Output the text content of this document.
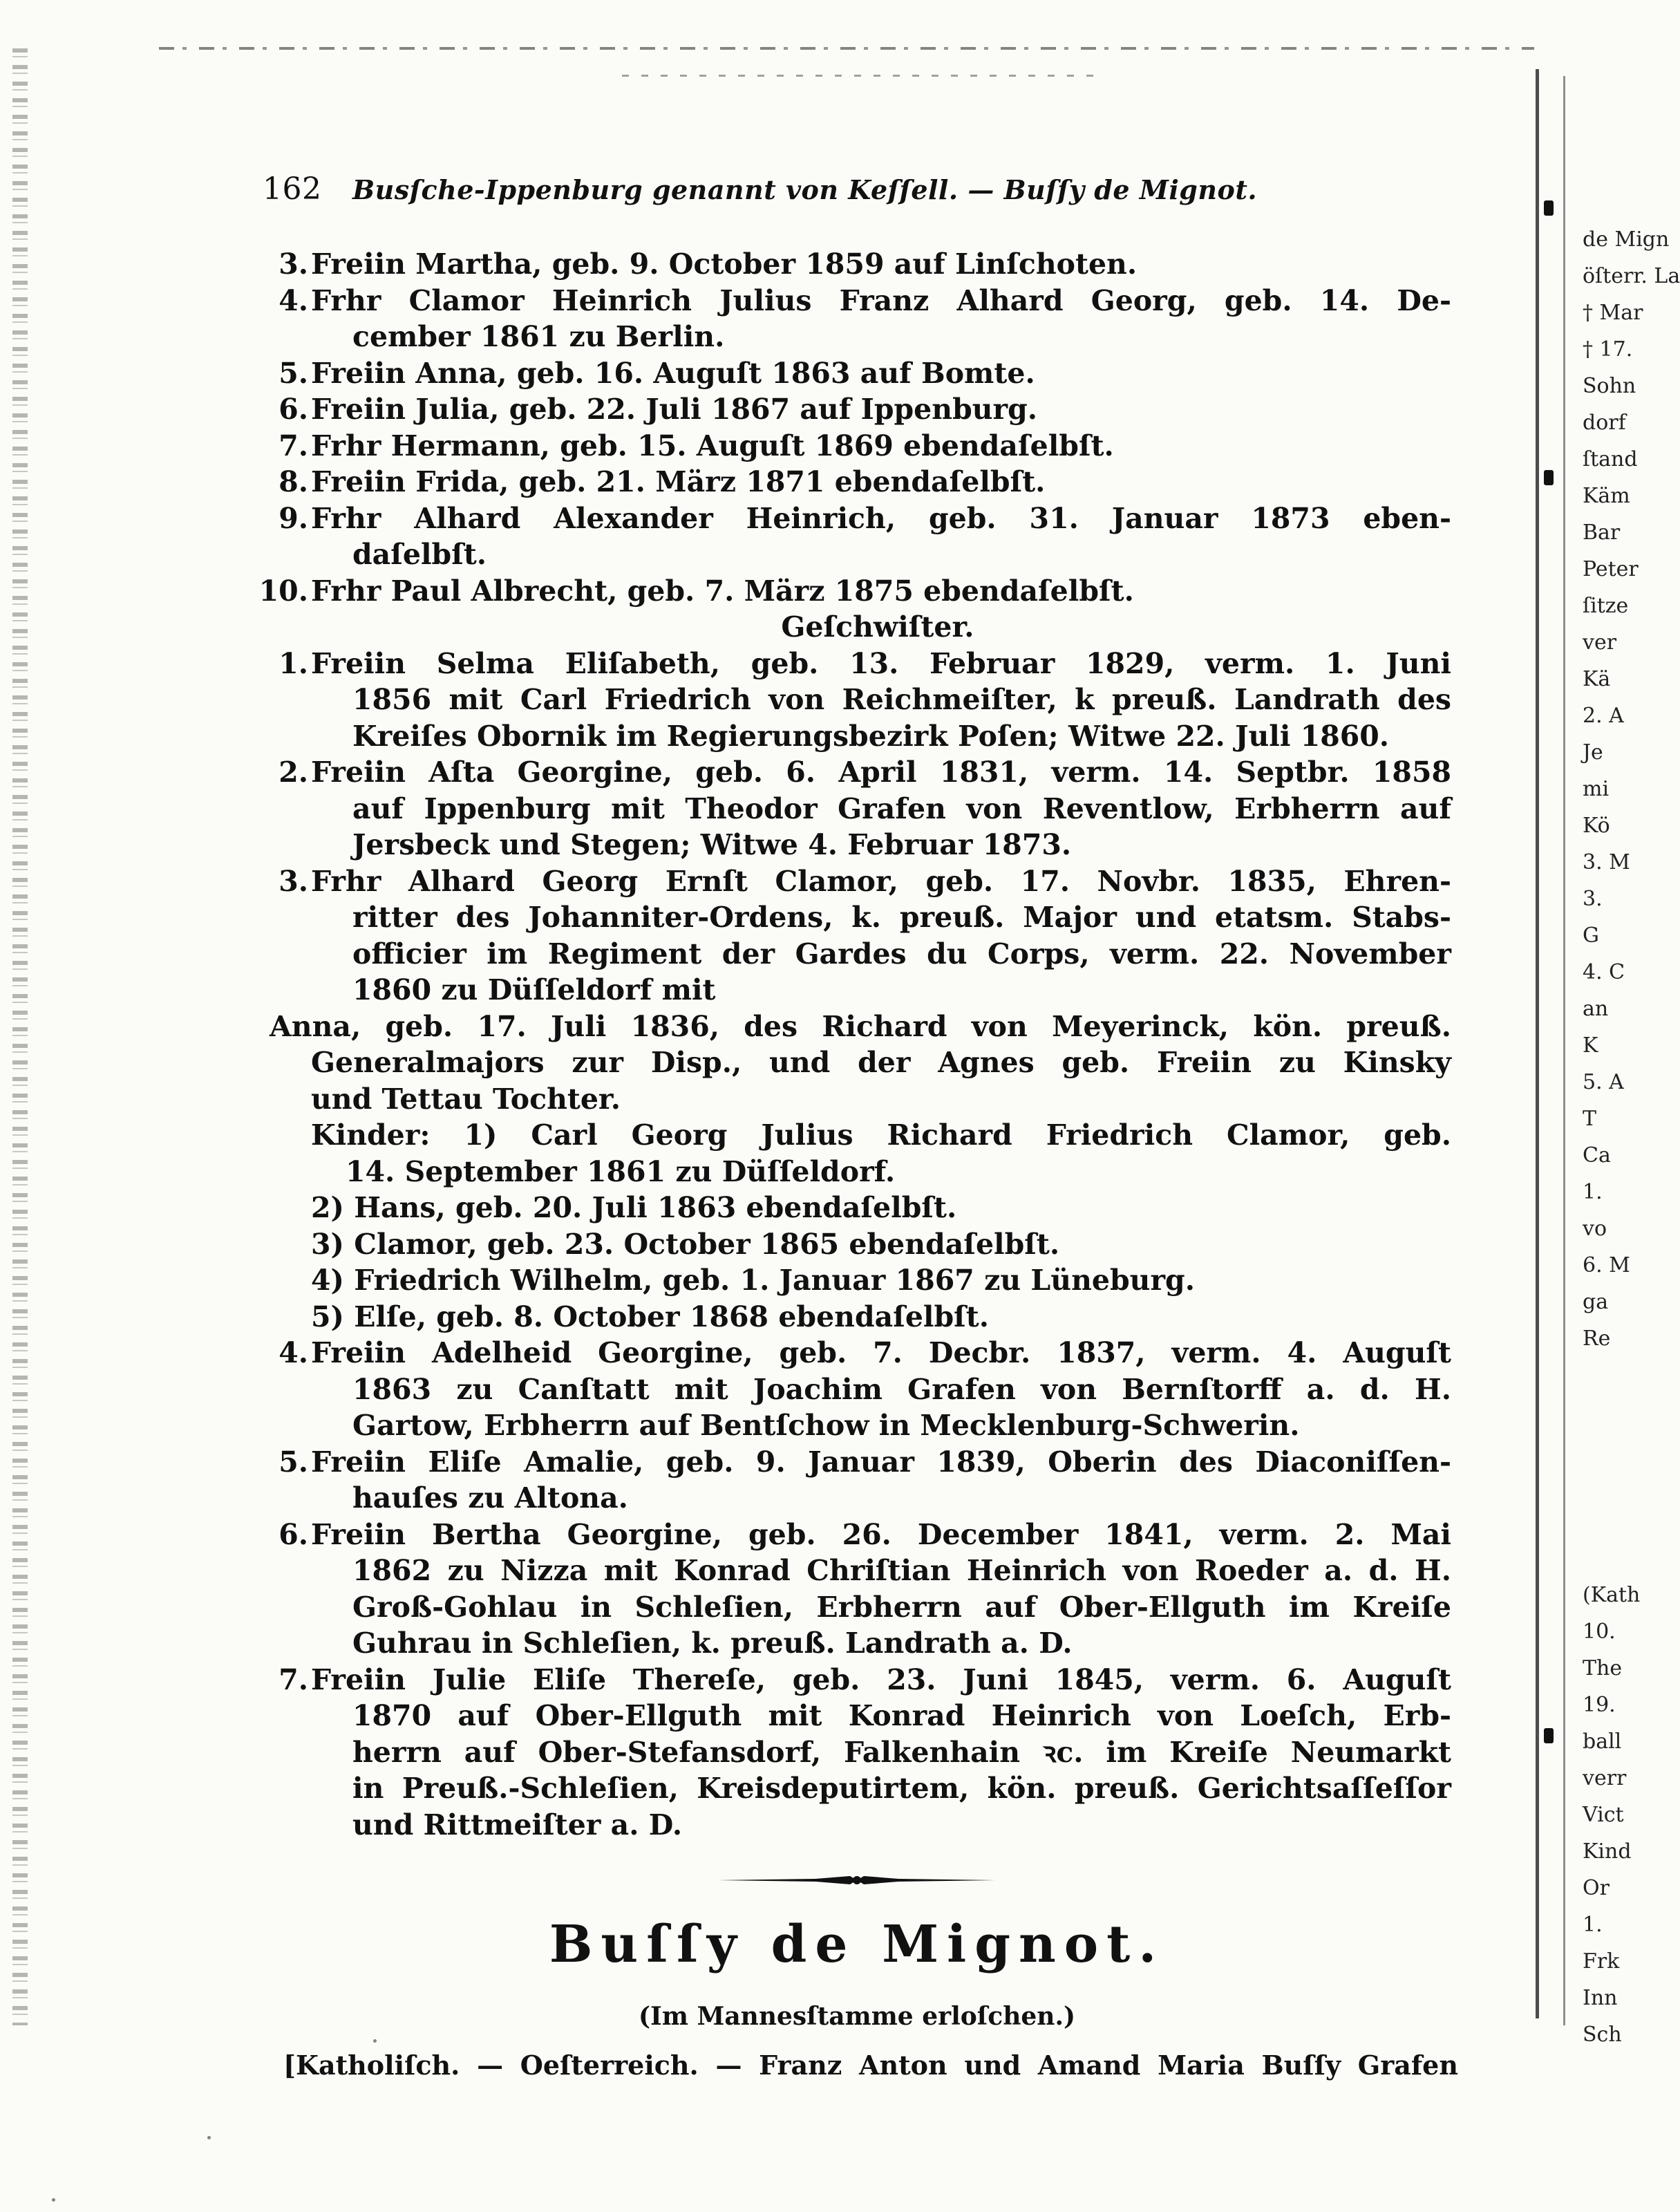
de Mign
öſterr. La
† Mar
† 17.
Sohn
dorf
ſtand
Käm
Bar
Peter
ſitze
ver
Kä
2. A
Je
mi
Kö
3. M
3.
G
4. C
an
K
5. A
T
Ca
1.
vo
6. M
ga
Re
(Kath
10.
The
19.
ball
verr
Vict
Kind
Or
1.
Frk
Inn
Sch
162	Busſche-Ippenburg genannt von Keſſell. — Buſſy de Mignot.
3. Freiin Martha, geb. 9. October 1859 auf Linſchoten.
4. Frhr Clamor Heinrich Julius Franz Alhard Georg, geb. 14. De-
cember 1861 zu Berlin.
5. Freiin Anna, geb. 16. Auguſt 1863 auf Bomte.
6. Freiin Julia, geb. 22. Juli 1867 auf Ippenburg.
7. Frhr Hermann, geb. 15. Auguſt 1869 ebendaſelbſt.
8. Freiin Frida, geb. 21. März 1871 ebendaſelbſt.
9. Frhr Alhard Alexander Heinrich, geb. 31. Januar 1873 eben-
daſelbſt.
10. Frhr Paul Albrecht, geb. 7. März 1875 ebendaſelbſt.
Geſchwiſter.
1. Freiin Selma Eliſabeth, geb. 13. Februar 1829, verm. 1. Juni
1856 mit Carl Friedrich von Reichmeiſter, k preuß. Landrath des
Kreiſes Obornik im Regierungsbezirk Poſen; Witwe 22. Juli 1860.
2. Freiin Aſta Georgine, geb. 6. April 1831, verm. 14. Septbr. 1858
auf Ippenburg mit Theodor Grafen von Reventlow, Erbherrn auf
Jersbeck und Stegen; Witwe 4. Februar 1873.
3. Frhr Alhard Georg Ernſt Clamor, geb. 17. Novbr. 1835, Ehren-
ritter des Johanniter-Ordens, k. preuß. Major und etatsm. Stabs-
officier im Regiment der Gardes du Corps, verm. 22. November
1860 zu Düſſeldorf mit
Anna, geb. 17. Juli 1836, des Richard von Meyerinck, kön. preuß.
Generalmajors zur Disp., und der Agnes geb. Freiin zu Kinsky
und Tettau Tochter.
Kinder: 1) Carl Georg Julius Richard Friedrich Clamor, geb.
14. September 1861 zu Düſſeldorf.
2) Hans, geb. 20. Juli 1863 ebendaſelbſt.
3) Clamor, geb. 23. October 1865 ebendaſelbſt.
4) Friedrich Wilhelm, geb. 1. Januar 1867 zu Lüneburg.
5) Elſe, geb. 8. October 1868 ebendaſelbſt.
4. Freiin Adelheid Georgine, geb. 7. Decbr. 1837, verm. 4. Auguſt
1863 zu Canſtatt mit Joachim Grafen von Bernſtorff a. d. H.
Gartow, Erbherrn auf Bentſchow in Mecklenburg-Schwerin.
5. Freiin Eliſe Amalie, geb. 9. Januar 1839, Oberin des Diaconiſſen-
hauſes zu Altona.
6. Freiin Bertha Georgine, geb. 26. December 1841, verm. 2. Mai
1862 zu Nizza mit Konrad Chriſtian Heinrich von Roeder a. d. H.
Groß-Gohlau in Schleſien, Erbherrn auf Ober-Ellguth im Kreiſe
Guhrau in Schleſien, k. preuß. Landrath a. D.
7. Freiin Julie Eliſe Thereſe, geb. 23. Juni 1845, verm. 6. Auguſt
1870 auf Ober-Ellguth mit Konrad Heinrich von Loeſch, Erb-
herrn auf Ober-Stefansdorf, Falkenhain ꝛc. im Kreiſe Neumarkt
in Preuß.-Schleſien, Kreisdeputirtem, kön. preuß. Gerichtsaſſeſſor
und Rittmeiſter a. D.
Buſſy de Mignot.
(Im Mannesſtamme erloſchen.)
[Katholiſch. — Oeſterreich. — Franz Anton und Amand Maria Buſſy Grafen
